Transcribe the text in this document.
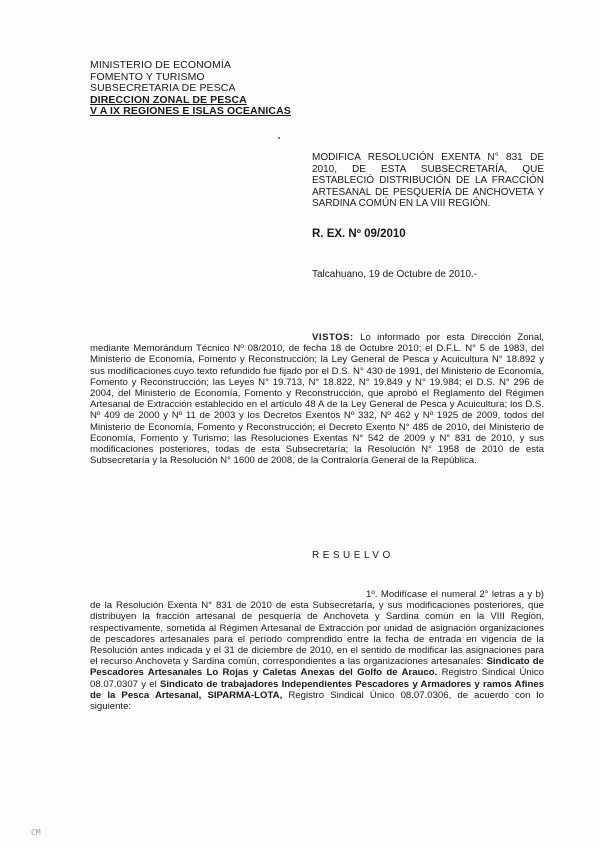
MINISTERIO DE ECONOMÍA
FOMENTO Y TURISMO
SUBSECRETARIA DE PESCA
DIRECCION ZONAL DE PESCA
V A IX REGIONES E ISLAS OCEANICAS
MODIFICA RESOLUCIÓN EXENTA N° 831 DE 2010, DE ESTA SUBSECRETARÍA, QUE ESTABLECIÓ DISTRIBUCIÓN DE LA FRACCIÓN ARTESANAL DE PESQUERÍA DE ANCHOVETA Y SARDINA COMÚN EN LA VIII REGIÓN.
R. EX. Nº 09/2010
Talcahuano, 19 de Octubre de 2010.-
VISTOS: Lo informado por esta Dirección Zonal, mediante Memorándum Técnico Nº 08/2010, de fecha 18 de Octubre 2010; el D.F.L. N° 5 de 1983, del Ministerio de Economía, Fomento y Reconstrucción; la Ley General de Pesca y Acuicultura N° 18.892 y sus modificaciones cuyo texto refundido fue fijado por el D.S. N° 430 de 1991, del Ministerio de Economía, Fomento y Reconstrucción; las Leyes N° 19.713, N° 18.822, N° 19.849 y N° 19.984; el D.S. N° 296 de 2004, del Ministerio de Economía, Fomento y Reconstrucción, que aprobó el Reglamento del Régimen Artesanal de Extracción establecido en el artículo 48 A de la Ley General de Pesca y Acuicultura; los D.S. Nº 409 de 2000 y Nº 11 de 2003 y los Decretos Exentos Nº 332, Nº 462 y Nº 1925 de 2009, todos del Ministerio de Economía, Fomento y Reconstrucción; el Decreto Exento N° 485 de 2010, del Ministerio de Economía, Fomento y Turismo; las Resoluciones Exentas N° 542 de 2009 y N° 831 de 2010, y sus modificaciones posteriores, todas de esta Subsecretaría; la Resolución N° 1958 de 2010 de esta Subsecretaría y la Resolución N° 1600 de 2008, de la Contraloría General de la República.
RESUELVO
1º. Modifícase el numeral 2° letras a y b) de la Resolución Exenta N° 831 de 2010 de esta Subsecretaría, y sus modificaciones posteriores, que distribuyen la fracción artesanal de pesquería de Anchoveta y Sardina común en la VIII Región, respectivamente, sometida al Régimen Artesanal de Extracción por unidad de asignación organizaciones de pescadores artesanales para el período comprendido entre la fecha de entrada en vigencia de la Resolución antes indicada y el 31 de diciembre de 2010, en el sentido de modificar las asignaciones para el recurso Anchoveta y Sardina común, correspondientes a las organizaciones artesanales: Sindicato de Pescadores Artesanales Lo Rojas y Caletas Anexas del Golfo de Arauco. Registro Sindical Único 08.07.0307 y el Sindicato de trabajadores Independientes Pescadores y Armadores y ramos Afines de la Pesca Artesanal, SIPARMA-LOTA, Registro Sindical Único 08.07.0306, de acuerdo con lo siguiente:
CM
